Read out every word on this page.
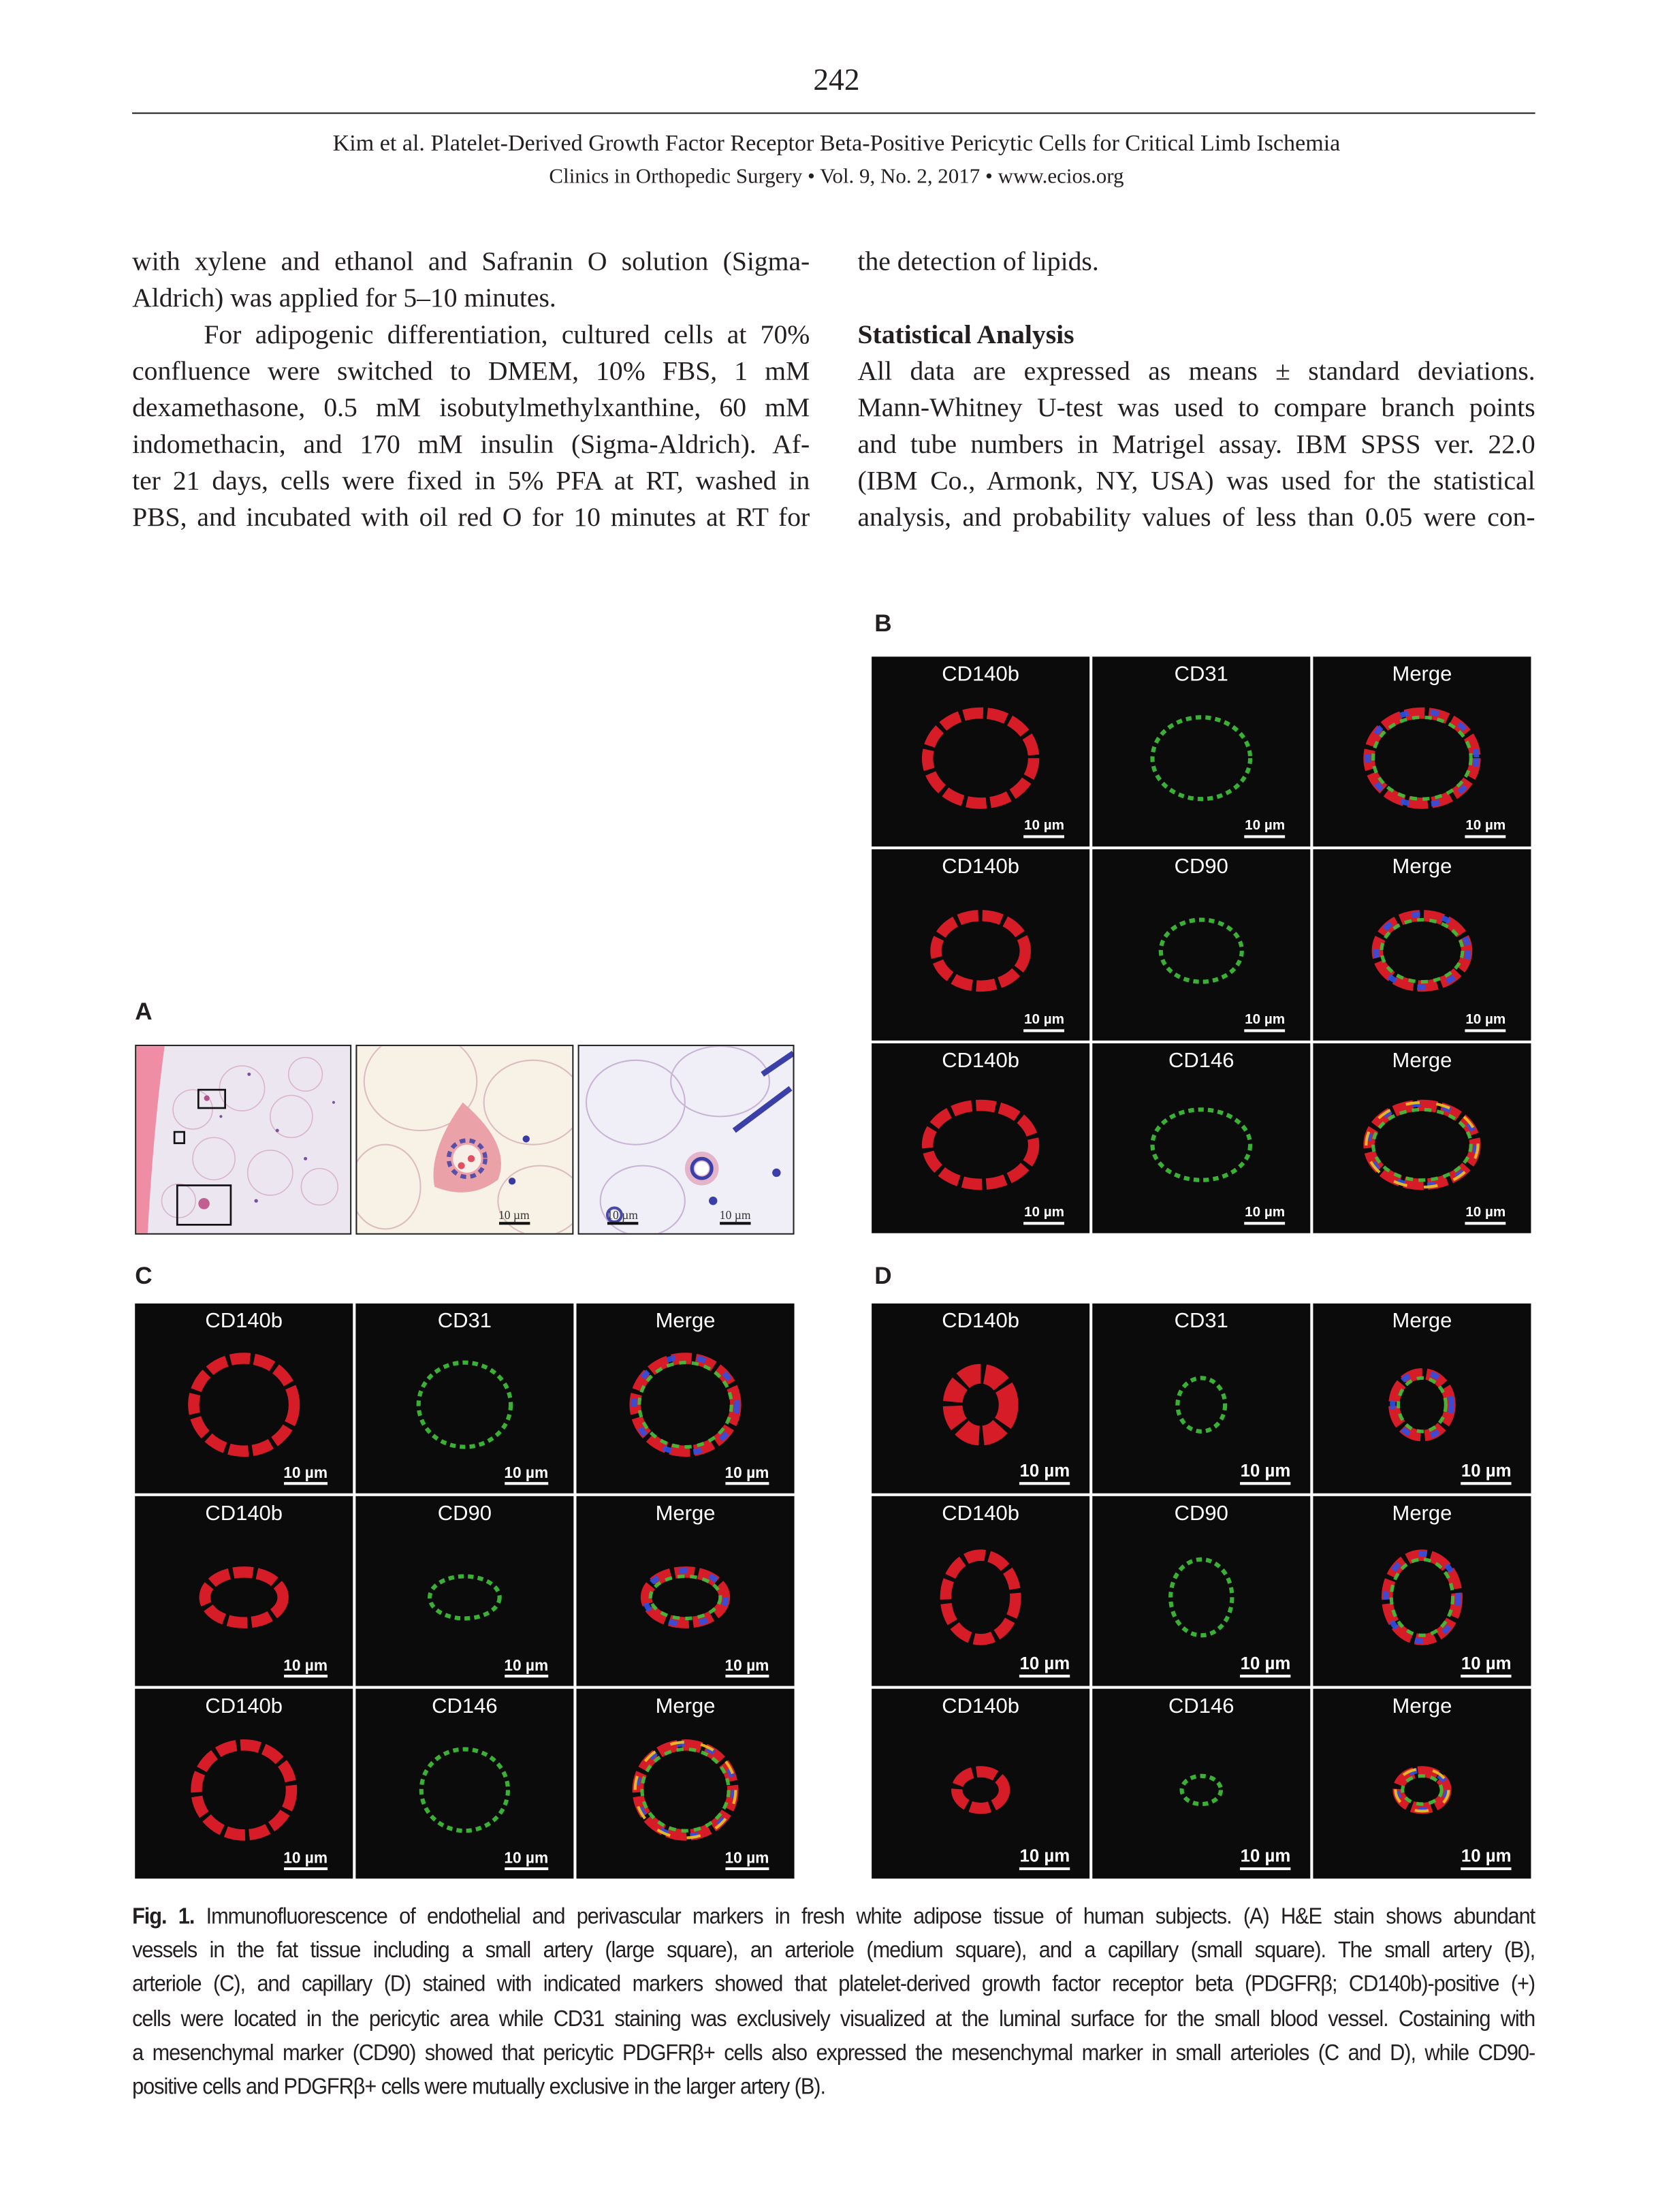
242
Kim et al. Platelet-Derived Growth Factor Receptor Beta-Positive Pericytic Cells for Critical Limb Ischemia
Clinics in Orthopedic Surgery • Vol. 9, No. 2, 2017 • www.ecios.org
with xylene and ethanol and Safranin O solution (Sigma-
Aldrich) was applied for 5–10 minutes.
For adipogenic differentiation, cultured cells at 70%
confluence were switched to DMEM, 10% FBS, 1 mM
dexamethasone, 0.5 mM isobutylmethylxanthine, 60 mM
indomethacin, and 170 mM insulin (Sigma-Aldrich). Af-
ter 21 days, cells were fixed in 5% PFA at RT, washed in
PBS, and incubated with oil red O for 10 minutes at RT for
the detection of lipids.
Statistical Analysis
All data are expressed as means ± standard deviations.
Mann-Whitney U-test was used to compare branch points
and tube numbers in Matrigel assay. IBM SPSS ver. 22.0
(IBM Co., Armonk, NY, USA) was used for the statistical
analysis, and probability values of less than 0.05 were con-
B
A
C	D
10 µm	10 µm	10 µm
CD140b
10 µm
CD31
10 µm
Merge
10 µm
CD140b
10 µm
CD90
10 µm
Merge
10 µm
CD140b
10 µm
CD146
10 µm
Merge
10 µm
CD140b
10 µm
CD31
10 µm
Merge
10 µm
CD140b
10 µm
CD90
10 µm
Merge
10 µm
CD140b
10 µm
CD146
10 µm
Merge
10 µm
CD140b
10 µm
CD31
10 µm
Merge
10 µm
CD140b
10 µm
CD90
10 µm
Merge
10 µm
CD140b
10 µm
CD146
10 µm
Merge
10 µm
Fig. 1. Immunofluorescence of endothelial and perivascular markers in fresh white adipose tissue of human subjects. (A) H&E stain shows abundant
vessels in the fat tissue including a small artery (large square), an arteriole (medium square), and a capillary (small square). The small artery (B),
arteriole (C), and capillary (D) stained with indicated markers showed that platelet-derived growth factor receptor beta (PDGFRβ; CD140b)-positive (+)
cells were located in the pericytic area while CD31 staining was exclusively visualized at the luminal surface for the small blood vessel. Costaining with
a mesenchymal marker (CD90) showed that pericytic PDGFRβ+ cells also expressed the mesenchymal marker in small arterioles (C and D), while CD90-
positive cells and PDGFRβ+ cells were mutually exclusive in the larger artery (B).
